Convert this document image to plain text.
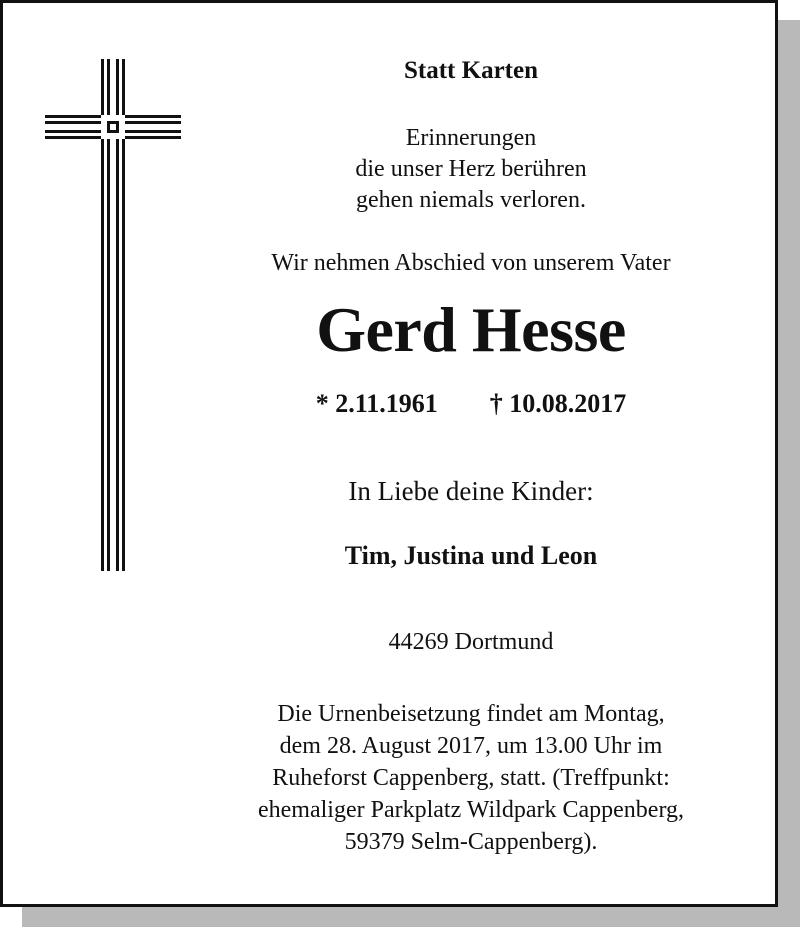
Statt Karten
Erinnerungen
die unser Herz berühren
gehen niemals verloren.
Wir nehmen Abschied von unserem Vater
Gerd Hesse
* 2.11.1961 † 10.08.2017
In Liebe deine Kinder:
Tim, Justina und Leon
44269 Dortmund
Die Urnenbeisetzung findet am Montag,
dem 28. August 2017, um 13.00 Uhr im
Ruheforst Cappenberg, statt. (Treffpunkt:
ehemaliger Parkplatz Wildpark Cappenberg,
59379 Selm-Cappenberg).
